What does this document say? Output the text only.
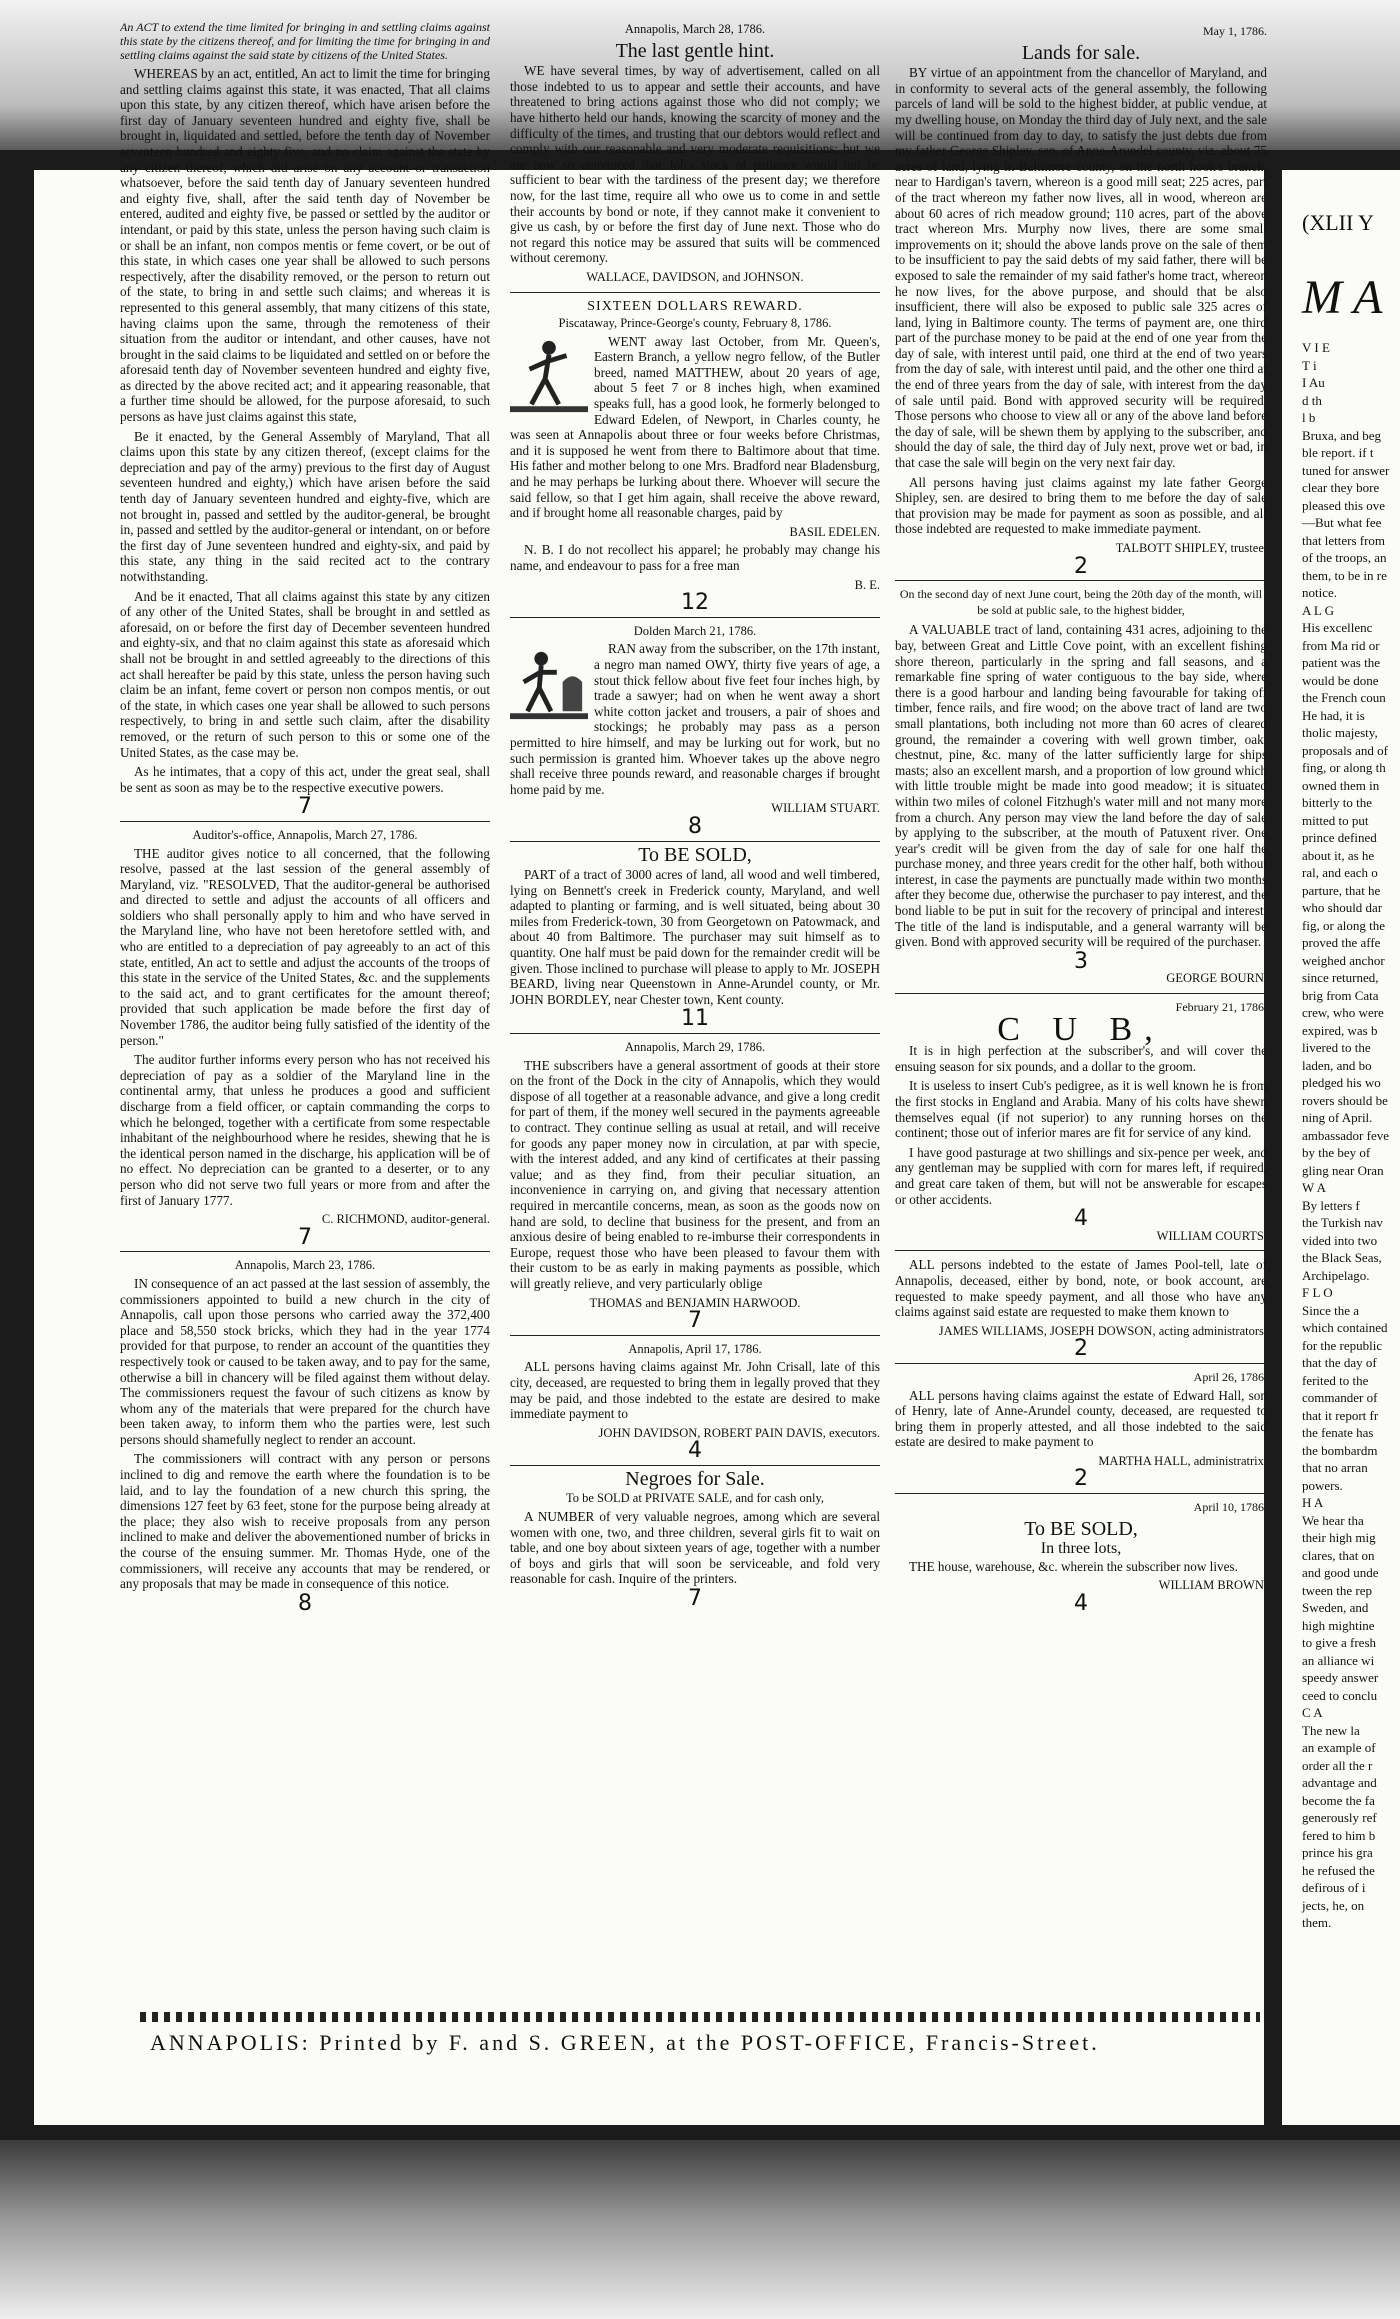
An ACT to extend the time limited for bringing in and settling claims against this state by the citizens thereof, and for limiting the time for bringing in and settling claims against the said state by citizens of the United States.

WHEREAS by an act, entitled, An act to limit the time for bringing and settling claims against this state, it was enacted, That all claims upon this state, by any citizen thereof, which have arisen before the first day of January seventeen hundred and eighty five, shall be brought in, liquidated and settled, before the tenth day of November seventeen hundred and eighty five, and no claim against the state by any citizen thereof, which did arise on any account or transaction whatsoever, before the said tenth day of January seventeen hundred and eighty five, shall, after the said tenth day of November be entered, audited and eighty five, be passed or settled by the auditor or intendant, or paid by this state, unless the person having such claim is or shall be an infant, non compos mentis or feme covert, or be out of this state, in which cases one year shall be allowed to such persons respectively, after the disability removed, or the person to return out of the state, to bring in and settle such claims; and whereas it is represented to this general assembly, that many citizens of this state, having claims upon the same, through the remoteness of their situation from the auditor or intendant, and other causes, have not brought in the said claims to be liquidated and settled on or before the aforesaid tenth day of November seventeen hundred and eighty five, as directed by the above recited act; and it appearing reasonable, that a further time should be allowed, for the purpose aforesaid, to such persons as have just claims against this state,

Be it enacted, by the General Assembly of Maryland, That all claims upon this state by any citizen thereof, (except claims for the depreciation and pay of the army) previous to the first day of August seventeen hundred and eighty,) which have arisen before the said tenth day of January seventeen hundred and eighty-five, which are not brought in, passed and settled by the auditor-general, be brought in, passed and settled by the auditor-general or intendant, on or before the first day of June seventeen hundred and eighty-six, and paid by this state, any thing in the said recited act to the contrary notwithstanding.

And be it enacted, That all claims against this state by any citizen of any other of the United States, shall be brought in and settled as aforesaid, on or before the first day of December seventeen hundred and eighty-six, and that no claim against this state as aforesaid which shall not be brought in and settled agreeably to the directions of this act shall hereafter be paid by this state, unless the person having such claim be an infant, feme covert or person non compos mentis, or out of the state, in which cases one year shall be allowed to such persons respectively, to bring in and settle such claim, after the disability removed, or the return of such person to this or some one of the United States, as the case may be.

As he intimates, that a copy of this act, under the great seal, shall be sent as soon as may be to the respective executive powers.

7
Auditor's-office, Annapolis, March 27, 1786.

THE auditor gives notice to all concerned, that the following resolve, passed at the last session of the general assembly of Maryland, viz. "RESOLVED, That the auditor-general be authorised and directed to settle and adjust the accounts of all officers and soldiers who shall personally apply to him and who have served in the Maryland line, who have not been heretofore settled with, and who are entitled to a depreciation of pay agreeably to an act of this state, entitled, An act to settle and adjust the accounts of the troops of this state in the service of the United States, &c. and the supplements to the said act, and to grant certificates for the amount thereof; provided that such application be made before the first day of November 1786, the auditor being fully satisfied of the identity of the person."

The auditor further informs every person who has not received his depreciation of pay as a soldier of the Maryland line in the continental army, that unless he produces a good and sufficient discharge from a field officer, or captain commanding the corps to which he belonged, together with a certificate from some respectable inhabitant of the neighbourhood where he resides, shewing that he is the identical person named in the discharge, his application will be of no effect. No depreciation can be granted to a deserter, or to any person who did not serve two full years or more from and after the first of January 1777.

C. RICHMOND, auditor-general.
7
Annapolis, March 23, 1786.

IN consequence of an act passed at the last session of assembly, the commissioners appointed to build a new church in the city of Annapolis, call upon those persons who carried away the 372,400 place and 58,550 stock bricks, which they had in the year 1774 provided for that purpose, to render an account of the quantities they respectively took or caused to be taken away, and to pay for the same, otherwise a bill in chancery will be filed against them without delay. The commissioners request the favour of such citizens as know by whom any of the materials that were prepared for the church have been taken away, to inform them who the parties were, lest such persons should shamefully neglect to render an account.

The commissioners will contract with any person or persons inclined to dig and remove the earth where the foundation is to be laid, and to lay the foundation of a new church this spring, the dimensions 127 feet by 63 feet, stone for the purpose being already at the place; they also wish to receive proposals from any person inclined to make and deliver the abovementioned number of bricks in the course of the ensuing summer. Mr. Thomas Hyde, one of the commissioners, will receive any accounts that may be rendered, or any proposals that may be made in consequence of this notice.

8
Annapolis, March 28, 1786.
The last gentle hint.

WE have several times, by way of advertisement, called on all those indebted to us to appear and settle their accounts, and have threatened to bring actions against those who did not comply; we have hitherto held our hands, knowing the scarcity of money and the difficulty of the times, and trusting that our debtors would reflect and comply with our reasonable and very moderate requisitions; but we are now so convinced that Job's stock of patience would not be sufficient to bear with the tardiness of the present day; we therefore now, for the last time, require all who owe us to come in and settle their accounts by bond or note, if they cannot make it convenient to give us cash, by or before the first day of June next. Those who do not regard this notice may be assured that suits will be commenced without ceremony.

WALLACE, DAVIDSON, and JOHNSON.
SIXTEEN DOLLARS REWARD.
Piscataway, Prince-George's county, February 8, 1786.

WENT away last October, from Mr. Queen's, Eastern Branch, a yellow negro fellow, of the Butler breed, named MATTHEW, about 20 years of age, about 5 feet 7 or 8 inches high, when examined speaks full, has a good look, he formerly belonged to Edward Edelen, of Newport, in Charles county, he was seen at Annapolis about three or four weeks before Christmas, and it is supposed he went from there to Baltimore about that time. His father and mother belong to one Mrs. Bradford near Bladensburg, and he may perhaps be lurking about there. Whoever will secure the said fellow, so that I get him again, shall receive the above reward, and if brought home all reasonable charges, paid by

BASIL EDELEN.

N. B. I do not recollect his apparel; he probably may change his name, and endeavour to pass for a free man

B. E.
12
Dolden March 21, 1786.

RAN away from the subscriber, on the 17th instant, a negro man named OWY, thirty five years of age, a stout thick fellow about five feet four inches high, by trade a sawyer; had on when he went away a short white cotton jacket and trousers, a pair of shoes and stockings; he probably may pass as a person permitted to hire himself, and may be lurking out for work, but no such permission is granted him. Whoever takes up the above negro shall receive three pounds reward, and reasonable charges if brought home paid by me.

WILLIAM STUART.
8
To BE SOLD,

PART of a tract of 3000 acres of land, all wood and well timbered, lying on Bennett's creek in Frederick county, Maryland, and well adapted to planting or farming, and is well situated, being about 30 miles from Frederick-town, 30 from Georgetown on Patowmack, and about 40 from Baltimore. The purchaser may suit himself as to quantity. One half must be paid down for the remainder credit will be given. Those inclined to purchase will please to apply to Mr. JOSEPH BEARD, living near Queenstown in Anne-Arundel county, or Mr. JOHN BORDLEY, near Chester town, Kent county.

11
Annapolis, March 29, 1786.

THE subscribers have a general assortment of goods at their store on the front of the Dock in the city of Annapolis, which they would dispose of all together at a reasonable advance, and give a long credit for part of them, if the money well secured in the payments agreeable to contract. They continue selling as usual at retail, and will receive for goods any paper money now in circulation, at par with specie, with the interest added, and any kind of certificates at their passing value; and as they find, from their peculiar situation, an inconvenience in carrying on, and giving that necessary attention required in mercantile concerns, mean, as soon as the goods now on hand are sold, to decline that business for the present, and from an anxious desire of being enabled to re-imburse their correspondents in Europe, request those who have been pleased to favour them with their custom to be as early in making payments as possible, which will greatly relieve, and very particularly oblige

THOMAS and BENJAMIN HARWOOD.
7
Annapolis, April 17, 1786.

ALL persons having claims against Mr. John Crisall, late of this city, deceased, are requested to bring them in legally proved that they may be paid, and those indebted to the estate are desired to make immediate payment to

JOHN DAVIDSON, ROBERT PAIN DAVIS, executors.
4
Negroes for Sale.
To be SOLD at PRIVATE SALE, and for cash only,

A NUMBER of very valuable negroes, among which are several women with one, two, and three children, several girls fit to wait on table, and one boy about sixteen years of age, together with a number of boys and girls that will soon be serviceable, and fold very reasonable for cash. Inquire of the printers.

7
May 1, 1786.
Lands for sale.

BY virtue of an appointment from the chancellor of Maryland, and in conformity to several acts of the general assembly, the following parcels of land will be sold to the highest bidder, at public vendue, at my dwelling house, on Monday the third day of July next, and the sale will be continued from day to day, to satisfy the just debts due from my father George Shipley, sen. of Anne-Arundel county, viz. about 75 acres of land, lying in Baltimore county, on the north hook's branch, near to Hardigan's tavern, whereon is a good mill seat; 225 acres, part of the tract whereon my father now lives, all in wood, whereon are about 60 acres of rich meadow ground; 110 acres, part of the above tract whereon Mrs. Murphy now lives, there are some small improvements on it; should the above lands prove on the sale of them to be insufficient to pay the said debts of my said father, there will be exposed to sale the remainder of my said father's home tract, whereon he now lives, for the above purpose, and should that be also insufficient, there will also be exposed to public sale 325 acres of land, lying in Baltimore county. The terms of payment are, one third part of the purchase money to be paid at the end of one year from the day of sale, with interest until paid, one third at the end of two years from the day of sale, with interest until paid, and the other one third at the end of three years from the day of sale, with interest from the day of sale until paid. Bond with approved security will be required. Those persons who choose to view all or any of the above land before the day of sale, will be shewn them by applying to the subscriber, and should the day of sale, the third day of July next, prove wet or bad, in that case the sale will begin on the very next fair day.

All persons having just claims against my late father George Shipley, sen. are desired to bring them to me before the day of sale that provision may be made for payment as soon as possible, and all those indebted are requested to make immediate payment.

TALBOTT SHIPLEY, trustee.
2

On the second day of next June court, being the 20th day of the month, will be sold at public sale, to the highest bidder,

A VALUABLE tract of land, containing 431 acres, adjoining to the bay, between Great and Little Cove point, with an excellent fishing shore thereon, particularly in the spring and fall seasons, and a remarkable fine spring of water contiguous to the bay side, where there is a good harbour and landing being favourable for taking off timber, fence rails, and fire wood; on the above tract of land are two small plantations, both including not more than 60 acres of cleared ground, the remainder a covering with well grown timber, oak, chestnut, pine, &c. many of the latter sufficiently large for ships masts; also an excellent marsh, and a proportion of low ground which with little trouble might be made into good meadow; it is situated within two miles of colonel Fitzhugh's water mill and not many more from a church. Any person may view the land before the day of sale by applying to the subscriber, at the mouth of Patuxent river. One year's credit will be given from the day of sale for one half the purchase money, and three years credit for the other half, both without interest, in case the payments are punctually made within two months after they become due, otherwise the purchaser to pay interest, and the bond liable to be put in suit for the recovery of principal and interest. The title of the land is indisputable, and a general warranty will be given. Bond with approved security will be required of the purchaser.

3
GEORGE BOURN.
February 21, 1786.
C U B,

It is in high perfection at the subscriber's, and will cover the ensuing season for six pounds, and a dollar to the groom.

It is useless to insert Cub's pedigree, as it is well known he is from the first stocks in England and Arabia. Many of his colts have shewn themselves equal (if not superior) to any running horses on the continent; those out of inferior mares are fit for service of any kind.

I have good pasturage at two shillings and six-pence per week, and any gentleman may be supplied with corn for mares left, if required, and great care taken of them, but will not be answerable for escapes or other accidents.

4
WILLIAM COURTS.

ALL persons indebted to the estate of James Pool-tell, late of Annapolis, deceased, either by bond, note, or book account, are requested to make speedy payment, and all those who have any claims against said estate are requested to make them known to

JAMES WILLIAMS, JOSEPH DOWSON, acting administrators.
2
April 26, 1786.

ALL persons having claims against the estate of Edward Hall, son of Henry, late of Anne-Arundel county, deceased, are requested to bring them in properly attested, and all those indebted to the said estate are desired to make payment to

MARTHA HALL, administratrix.
2
April 10, 1786.
To BE SOLD,
In three lots,

THE house, warehouse, &c. wherein the subscriber now lives.

WILLIAM BROWN.
4
ANNAPOLIS: Printed by F. and S. GREEN, at the POST-OFFICE, Francis-Street.
(XLII Y
M A
V I E
T i
I Au
d th
l b
Bruxa, and beg
ble report. if t
tuned for answer
clear they bore
pleased this ove
—But what fee
that letters from
of the troops, an
them, to be in re
notice.
A L G
His excellenc
from Ma rid or
patient was the
would be done
the French coun
He had, it is
tholic majesty,
proposals and of
fing, or along th
owned them in
bitterly to the
mitted to put
prince defined
about it, as he
ral, and each o
parture, that he
who should dar
fig, or along the
proved the affe
weighed anchor
since returned,
brig from Cata
crew, who were
expired, was b
livered to the
laden, and bo
pledged his wo
rovers should be
ning of April.
ambassador feve
by the bey of
gling near Oran
W A
By letters f
the Turkish nav
vided into two
the Black Seas,
Archipelago.
F L O
Since the a
which contained
for the republic
that the day of
ferited to the
commander of
that it report fr
the fenate has
the bombardm
that no arran
powers.
H A
We hear tha
their high mig
clares, that on
and good unde
tween the rep
Sweden, and
high mightine
to give a fresh
an alliance wi
speedy answer
ceed to conclu
C A
The new la
an example of
order all the r
advantage and
become the fa
generously ref
fered to him b
prince his gra
he refused the
defirous of i
jects, he, on
them.
